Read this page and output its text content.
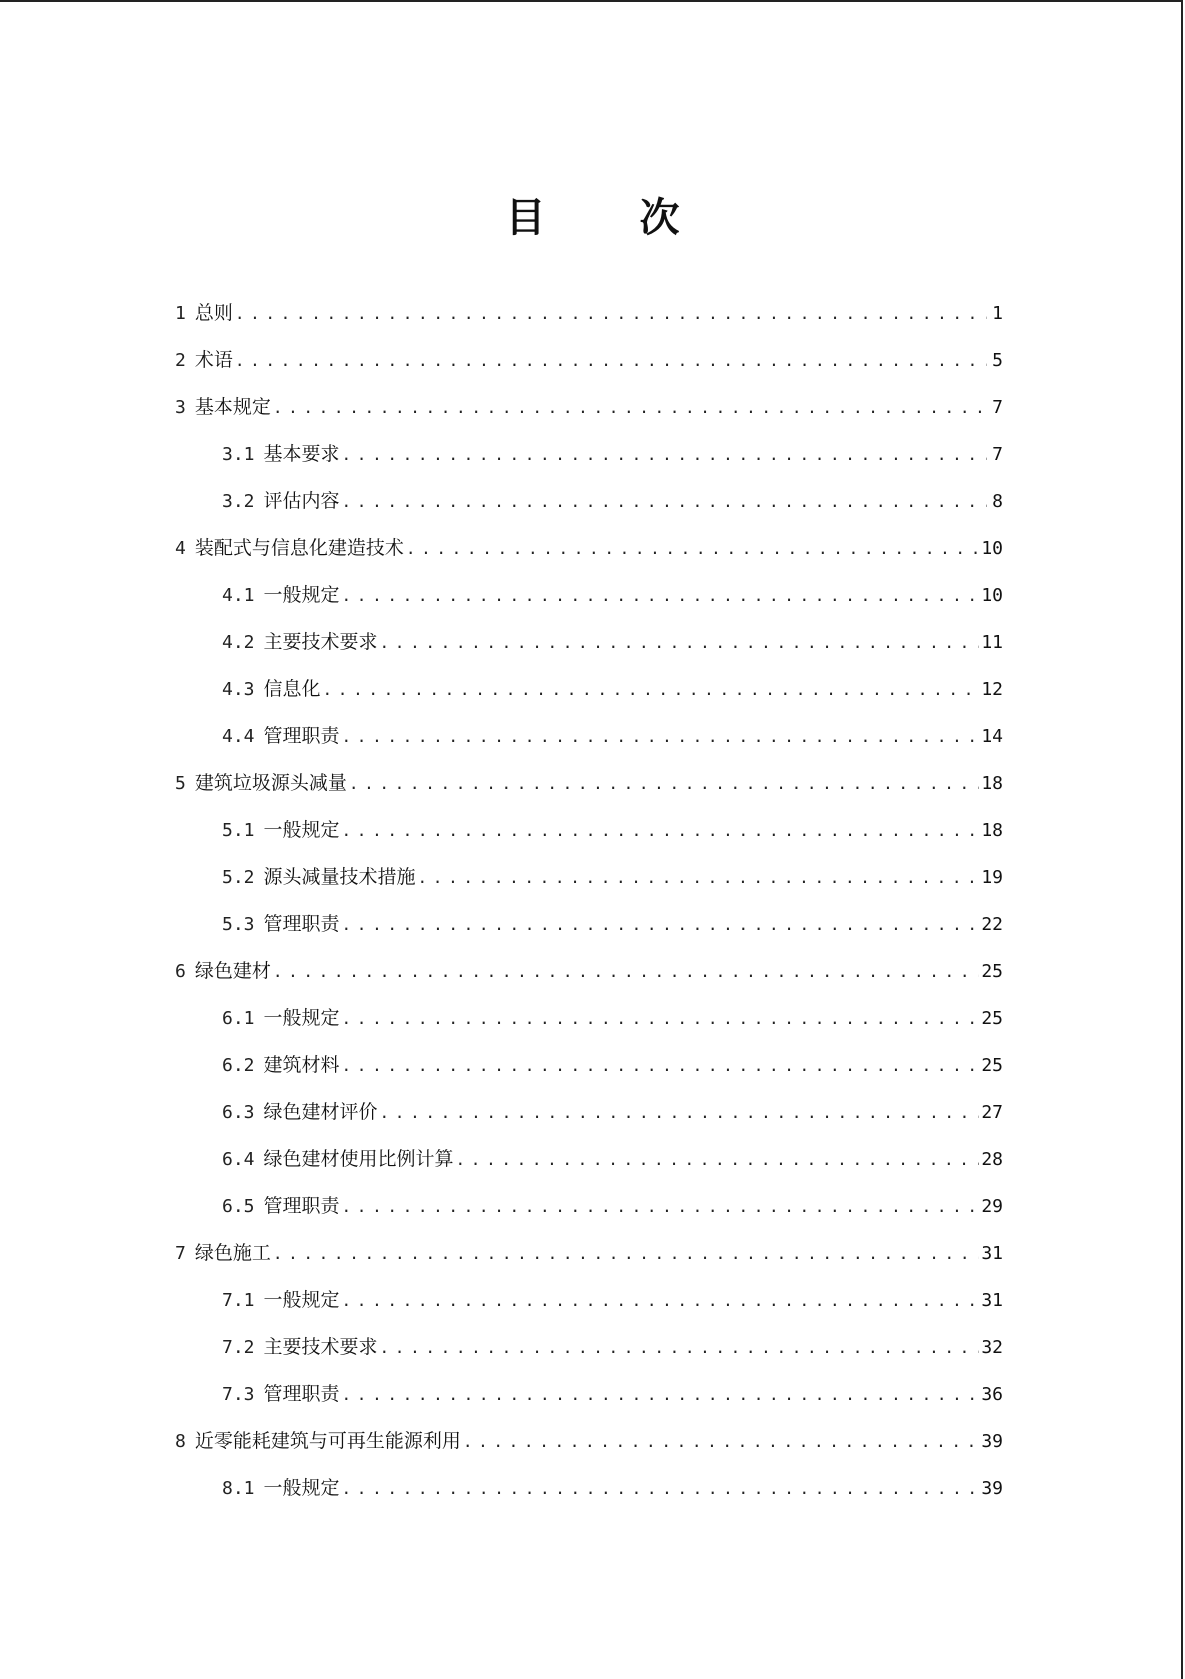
目 次
1 总则 . . .	1
2 术语 . . .	5
3 基本规定 . . .	7
3.1 基本要求 . . .	7
3.2 评估内容 . . .	8
4 装配式与信息化建造技术 . . .	10
4.1 一般规定 . . .	10
4.2 主要技术要求 . . .	11
4.3 信息化 . . .	12
4.4 管理职责 . . .	14
5 建筑垃圾源头减量 . . .	18
5.1 一般规定 . . .	18
5.2 源头减量技术措施 . . .	19
5.3 管理职责 . . .	22
6 绿色建材 . . .	25
6.1 一般规定 . . .	25
6.2 建筑材料 . . .	25
6.3 绿色建材评价 . . .	27
6.4 绿色建材使用比例计算 . . .	28
6.5 管理职责 . . .	29
7 绿色施工 . . .	31
7.1 一般规定 . . .	31
7.2 主要技术要求 . . .	32
7.3 管理职责 . . .	36
8 近零能耗建筑与可再生能源利用 . . .	39
8.1 一般规定 . . .	39
